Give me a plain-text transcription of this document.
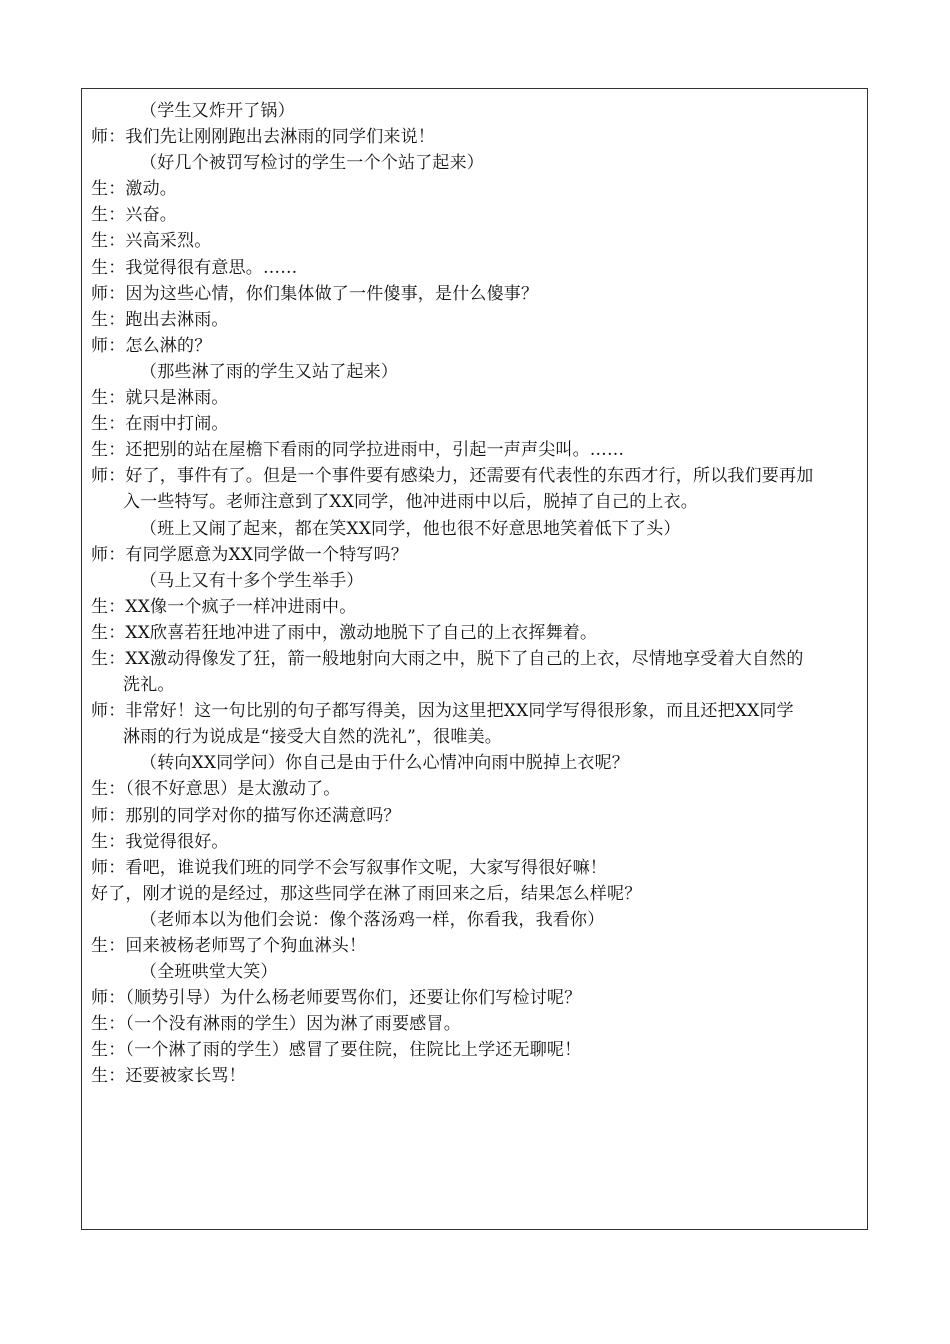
（学生又炸开了锅）
师：我们先让刚刚跑出去淋雨的同学们来说！
（好几个被罚写检讨的学生一个个站了起来）
生：激动。
生：兴奋。
生：兴高采烈。
生：我觉得很有意思。……
师：因为这些心情，你们集体做了一件傻事，是什么傻事？
生：跑出去淋雨。
师：怎么淋的？
（那些淋了雨的学生又站了起来）
生：就只是淋雨。
生：在雨中打闹。
生：还把别的站在屋檐下看雨的同学拉进雨中，引起一声声尖叫。……
师：好了，事件有了。但是一个事件要有感染力，还需要有代表性的东西才行，所以我们要再加
入一些特写。老师注意到了XX同学，他冲进雨中以后，脱掉了自己的上衣。
（班上又闹了起来，都在笑XX同学，他也很不好意思地笑着低下了头）
师：有同学愿意为XX同学做一个特写吗？
（马上又有十多个学生举手）
生：XX像一个疯子一样冲进雨中。
生：XX欣喜若狂地冲进了雨中，激动地脱下了自己的上衣挥舞着。
生：XX激动得像发了狂，箭一般地射向大雨之中，脱下了自己的上衣，尽情地享受着大自然的
洗礼。
师：非常好！这一句比别的句子都写得美，因为这里把XX同学写得很形象，而且还把XX同学
淋雨的行为说成是“接受大自然的洗礼”，很唯美。
（转向XX同学问）你自己是由于什么心情冲向雨中脱掉上衣呢？
生：（很不好意思）是太激动了。
师：那别的同学对你的描写你还满意吗？
生：我觉得很好。
师：看吧，谁说我们班的同学不会写叙事作文呢，大家写得很好嘛！
好了，刚才说的是经过，那这些同学在淋了雨回来之后，结果怎么样呢？
（老师本以为他们会说：像个落汤鸡一样，你看我，我看你）
生：回来被杨老师骂了个狗血淋头！
（全班哄堂大笑）
师：（顺势引导）为什么杨老师要骂你们，还要让你们写检讨呢？
生：（一个没有淋雨的学生）因为淋了雨要感冒。
生：（一个淋了雨的学生）感冒了要住院，住院比上学还无聊呢！
生：还要被家长骂！
